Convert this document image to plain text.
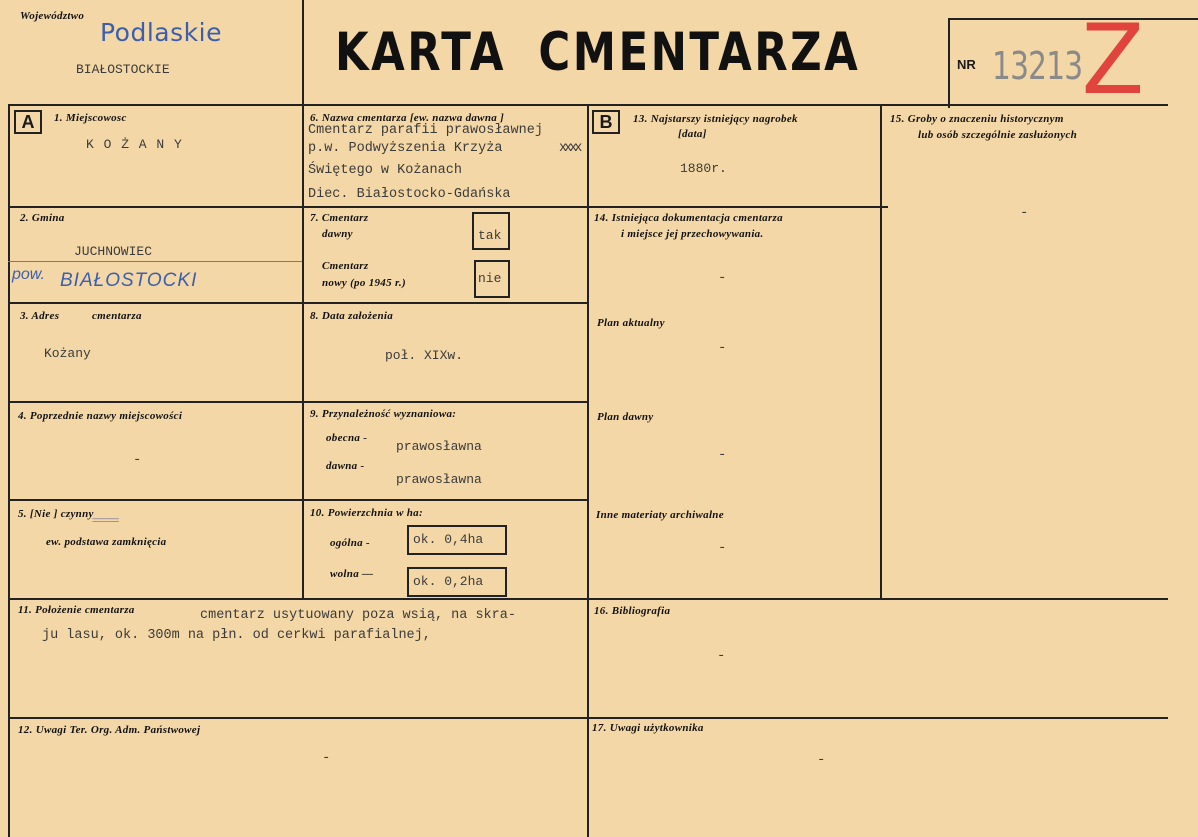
Województwo
Podlaskie
BIAŁOSTOCKIE	KARTA CMENTARZA	NR 13213 Z
A	1. Miejscowosc
K O Ż A N Y
2. Gmina
JUCHNOWIEC
pow. BIAŁOSTOCKI
3. Adres	cmentarza
Kożany
4. Poprzednie nazwy miejscowości
-
5. [Nie ] czynny
======
ew. podstawa zamknięcia
6. Nazwa cmentarza [ew. nazwa dawna ]
Cmentarz parafii prawosławnej
p.w. Podwyższenia Krzyża	xxxx
Świętego w Kożanach
Diec. Białostocko-Gdańska
7. Cmentarz
dawny	tak
Cmentarz
nowy (po 1945 r.)	nie
8. Data założenia
poł. XIXw.
9. Przynależność wyznaniowa:
obecna -
prawosławna
dawna -
prawosławna
10. Powierzchnia w ha:
ogólna -	ok. 0,4ha
wolna —	ok. 0,2ha
B	13. Najstarszy istniejący nagrobek
[data]
1880r.
14. Istniejąca dokumentacja cmentarza
i miejsce jej przechowywania.
-
Plan aktualny
-
Plan dawny
-
Inne materiaty archiwalne
-
15. Groby o znaczeniu historycznym
lub osób szczególnie zasłużonych
-
11. Położenie cmentarza	cmentarz usytuowany poza wsią, na skra-
ju lasu, ok. 300m na płn. od cerkwi parafialnej,
12. Uwagi Ter. Org. Adm. Państwowej
-
16. Bibliografia
-
17. Uwagi użytkownika
-
